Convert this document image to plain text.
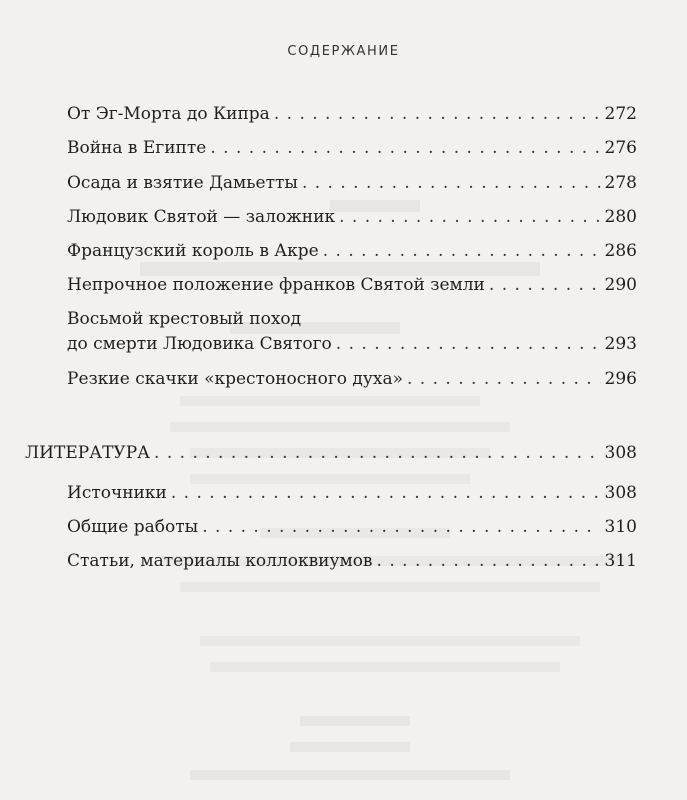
СОДЕРЖАНИЕ
От Эг-Морта до Кипра . . .	272
Война в Египте . . .	276
Осада и взятие Дамьетты . . .	278
Людовик Святой — заложник . . .	280
Французский король в Акре . . .	286
Непрочное положение франков Святой земли . . .	290
Восьмой крестовый поход
до смерти Людовика Святого . . .	293
Резкие скачки «крестоносного духа» . . .	296
ЛИТЕРАТУРА . . .	308
Источники . . .	308
Общие работы . . .	310
Статьи, материалы коллоквиумов . . .	311
